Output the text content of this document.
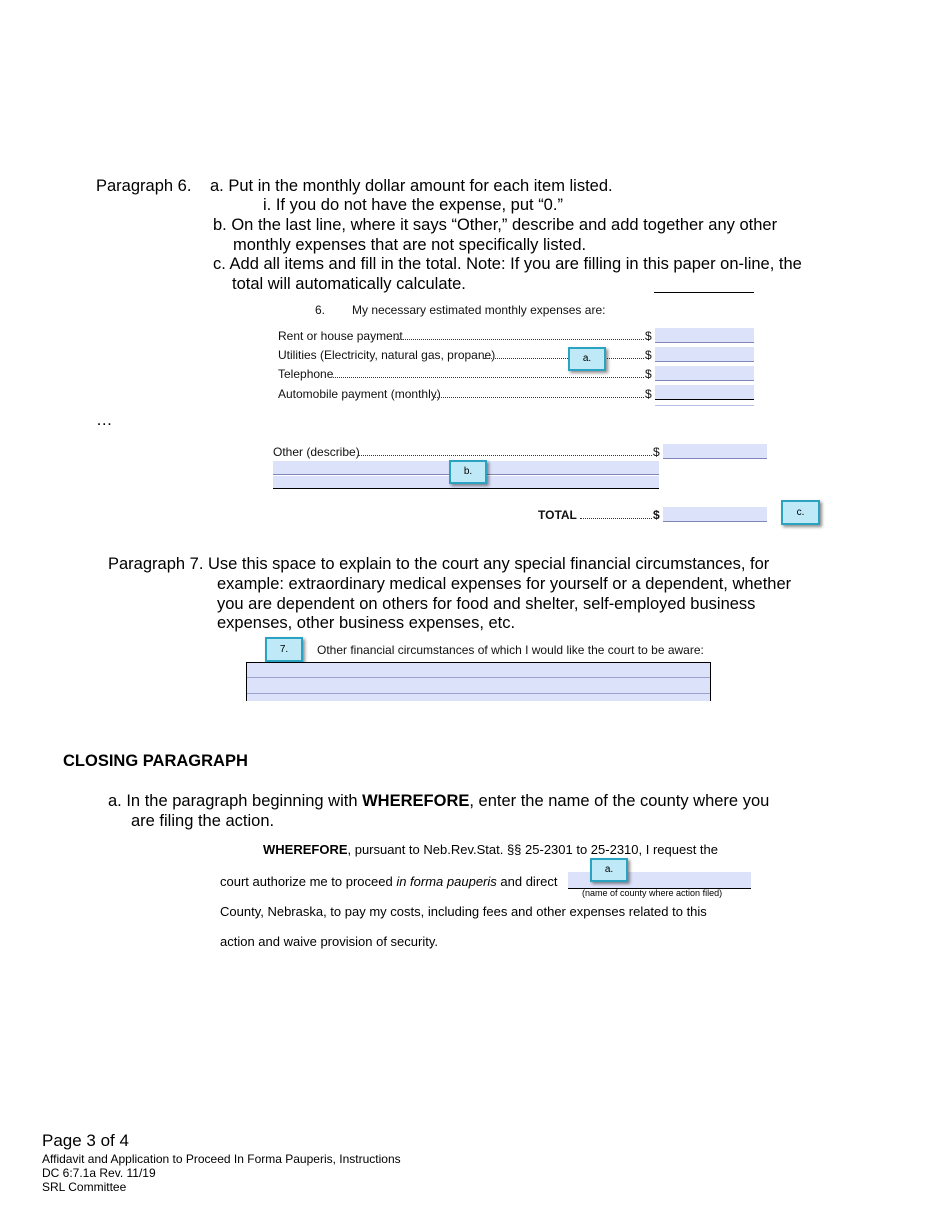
Paragraph 6. a. Put in the monthly dollar amount for each item listed.
i. If you do not have the expense, put “0.”
b. On the last line, where it says “Other,” describe and add together any other
monthly expenses that are not specifically listed.
c. Add all items and fill in the total. Note: If you are filling in this paper on-line, the
total will automatically calculate.
6. My necessary estimated monthly expenses are:
Rent or house payment	$
Utilities (Electricity, natural gas, propane)	$
Telephone	$
Automobile payment (monthly)	$
a.
…
Other (describe)	$
b.
TOTAL	$	c.
Paragraph 7. Use this space to explain to the court any special financial circumstances, for
example: extraordinary medical expenses for yourself or a dependent, whether
you are dependent on others for food and shelter, self-employed business
expenses, other business expenses, etc.
7.	Other financial circumstances of which I would like the court to be aware:
CLOSING PARAGRAPH
a. In the paragraph beginning with WHEREFORE, enter the name of the county where you
are filing the action.
WHEREFORE, pursuant to Neb.Rev.Stat. §§ 25-2301 to 25-2310, I request the
court authorize me to proceed in forma pauperis and direct
a.
(name of county where action filed)
County, Nebraska, to pay my costs, including fees and other expenses related to this
action and waive provision of security.
Page 3 of 4
Affidavit and Application to Proceed In Forma Pauperis, Instructions
DC 6:7.1a Rev. 11/19
SRL Committee
